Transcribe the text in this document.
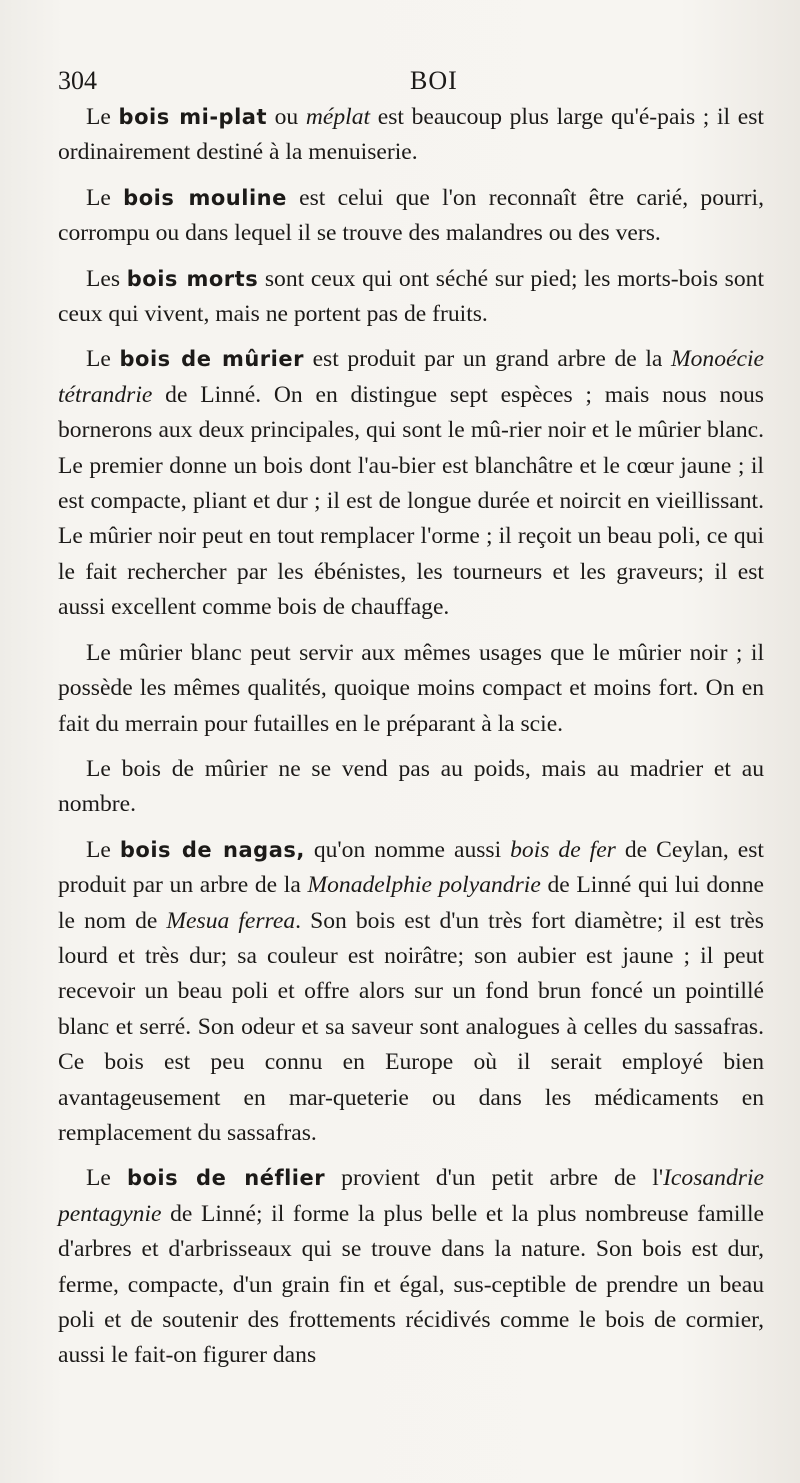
304	BOI

Le bois mi-plat ou méplat est beaucoup plus large qu'é-pais ; il est ordinairement destiné à la menuiserie.

Le bois mouline est celui que l'on reconnaît être carié, pourri, corrompu ou dans lequel il se trouve des malandres ou des vers.

Les bois morts sont ceux qui ont séché sur pied; les morts-bois sont ceux qui vivent, mais ne portent pas de fruits.

Le bois de mûrier est produit par un grand arbre de la Monoécie tétrandrie de Linné. On en distingue sept espèces ; mais nous nous bornerons aux deux principales, qui sont le mû-rier noir et le mûrier blanc. Le premier donne un bois dont l'au-bier est blanchâtre et le cœur jaune ; il est compacte, pliant et dur ; il est de longue durée et noircit en vieillissant. Le mûrier noir peut en tout remplacer l'orme ; il reçoit un beau poli, ce qui le fait rechercher par les ébénistes, les tourneurs et les graveurs; il est aussi excellent comme bois de chauffage.

Le mûrier blanc peut servir aux mêmes usages que le mûrier noir ; il possède les mêmes qualités, quoique moins compact et moins fort. On en fait du merrain pour futailles en le préparant à la scie.

Le bois de mûrier ne se vend pas au poids, mais au madrier et au nombre.

Le bois de nagas, qu'on nomme aussi bois de fer de Ceylan, est produit par un arbre de la Monadelphie polyandrie de Linné qui lui donne le nom de Mesua ferrea. Son bois est d'un très fort diamètre; il est très lourd et très dur; sa couleur est noirâtre; son aubier est jaune ; il peut recevoir un beau poli et offre alors sur un fond brun foncé un pointillé blanc et serré. Son odeur et sa saveur sont analogues à celles du sassafras. Ce bois est peu connu en Europe où il serait employé bien avantageusement en mar-queterie ou dans les médicaments en remplacement du sassafras.

Le bois de néflier provient d'un petit arbre de l'Icosandrie pentagynie de Linné; il forme la plus belle et la plus nombreuse famille d'arbres et d'arbrisseaux qui se trouve dans la nature. Son bois est dur, ferme, compacte, d'un grain fin et égal, sus-ceptible de prendre un beau poli et de soutenir des frottements récidivés comme le bois de cormier, aussi le fait-on figurer dans
